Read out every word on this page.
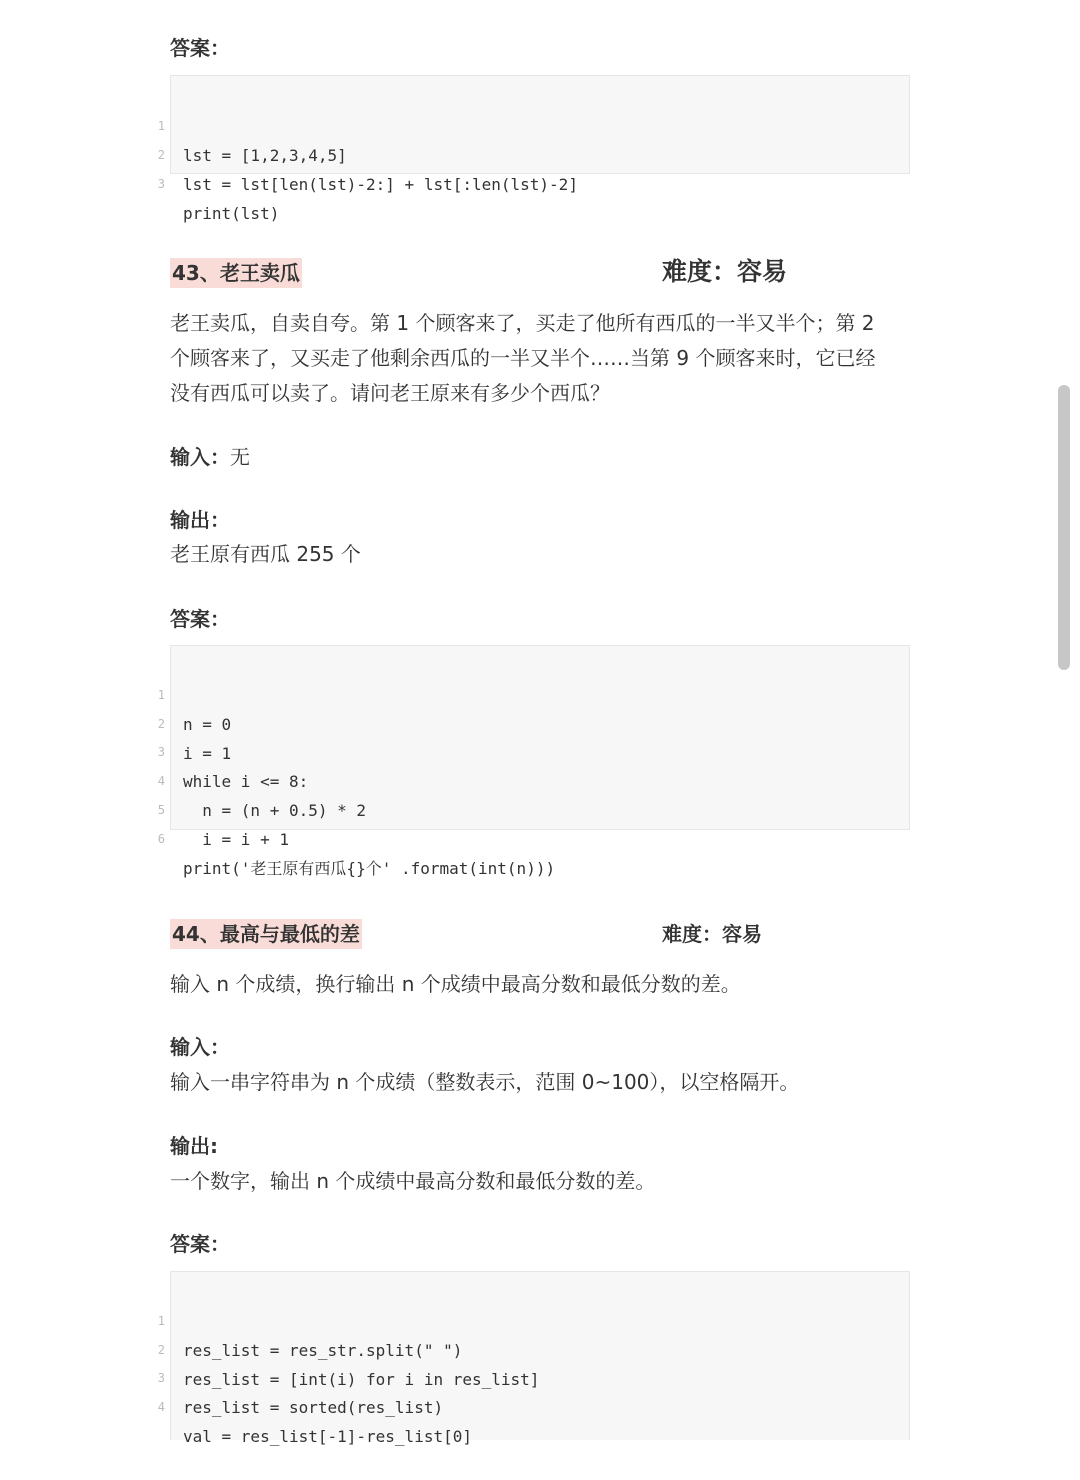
答案：

1

lst = [1,2,3,4,5]

2

lst = lst[len(lst)-2:] + lst[:len(lst)-2]

3

print(lst)

43、老王卖瓜	难度：容易
老王卖瓜，自卖自夸。第 1 个顾客来了，买走了他所有西瓜的一半又半个；第 2
个顾客来了，又买走了他剩余西瓜的一半又半个……当第 9 个顾客来时，它已经
没有西瓜可以卖了。请问老王原来有多少个西瓜？
输入：无
输出：
老王原有西瓜 255 个
答案：

1

n = 0

2

i = 1

3

while i <= 8:

4

n = (n + 0.5) * 2

5

i = i + 1

6

print('老王原有西瓜{}个' .format(int(n)))

44、最高与最低的差	难度：容易
输入 n 个成绩，换行输出 n 个成绩中最高分数和最低分数的差。
输入：
输入一串字符串为 n 个成绩（整数表示，范围 0~100），以空格隔开。
输出:
一个数字，输出 n 个成绩中最高分数和最低分数的差。
答案：

1

res_list = res_str.split(" ")

2

res_list = [int(i) for i in res_list]

3

res_list = sorted(res_list)

4

val = res_list[-1]-res_list[0]
